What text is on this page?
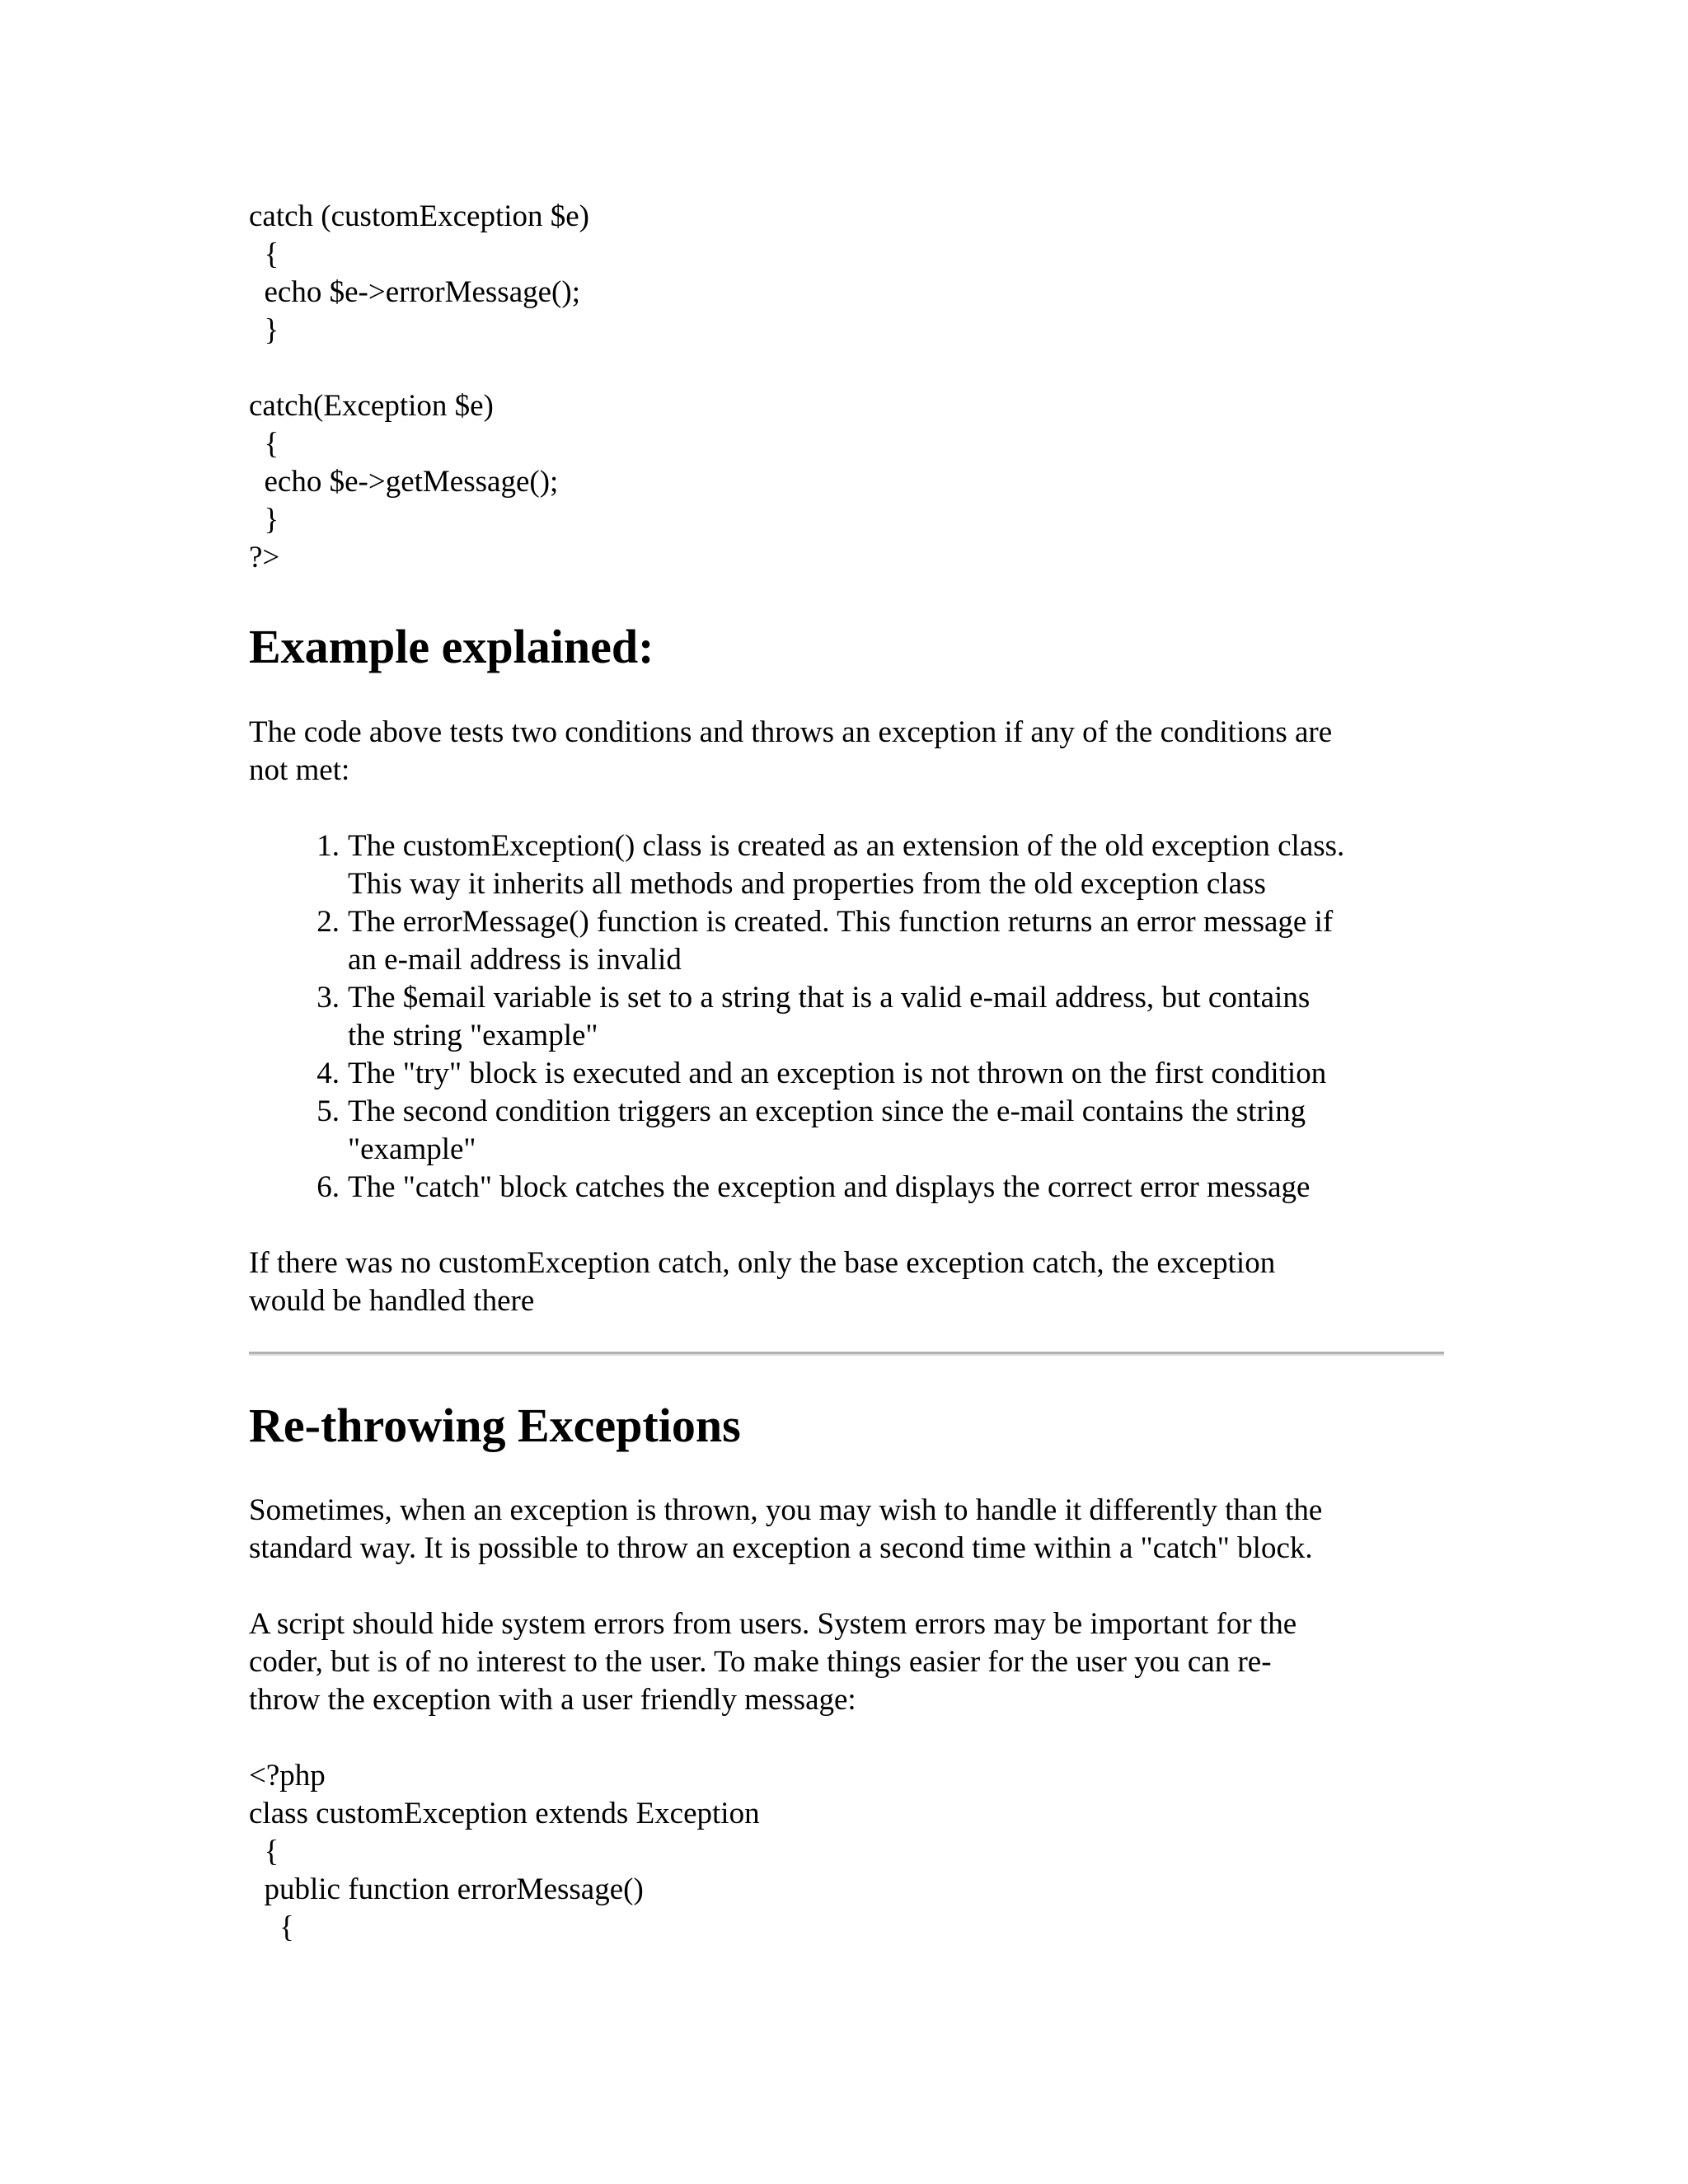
catch (customException $e)
{
echo $e->errorMessage();
}

catch(Exception $e)
{
echo $e->getMessage();
}
?>
Example explained:
The code above tests two conditions and throws an exception if any of the conditions are
not met:
1. The customException() class is created as an extension of the old exception class.
This way it inherits all methods and properties from the old exception class
2. The errorMessage() function is created. This function returns an error message if
an e-mail address is invalid
3. The $email variable is set to a string that is a valid e-mail address, but contains
the string "example"
4. The "try" block is executed and an exception is not thrown on the first condition
5. The second condition triggers an exception since the e-mail contains the string
"example"
6. The "catch" block catches the exception and displays the correct error message
If there was no customException catch, only the base exception catch, the exception
would be handled there
Re-throwing Exceptions
Sometimes, when an exception is thrown, you may wish to handle it differently than the
standard way. It is possible to throw an exception a second time within a "catch" block.
A script should hide system errors from users. System errors may be important for the
coder, but is of no interest to the user. To make things easier for the user you can re-
throw the exception with a user friendly message:
<?php
class customException extends Exception
{
public function errorMessage()
{
